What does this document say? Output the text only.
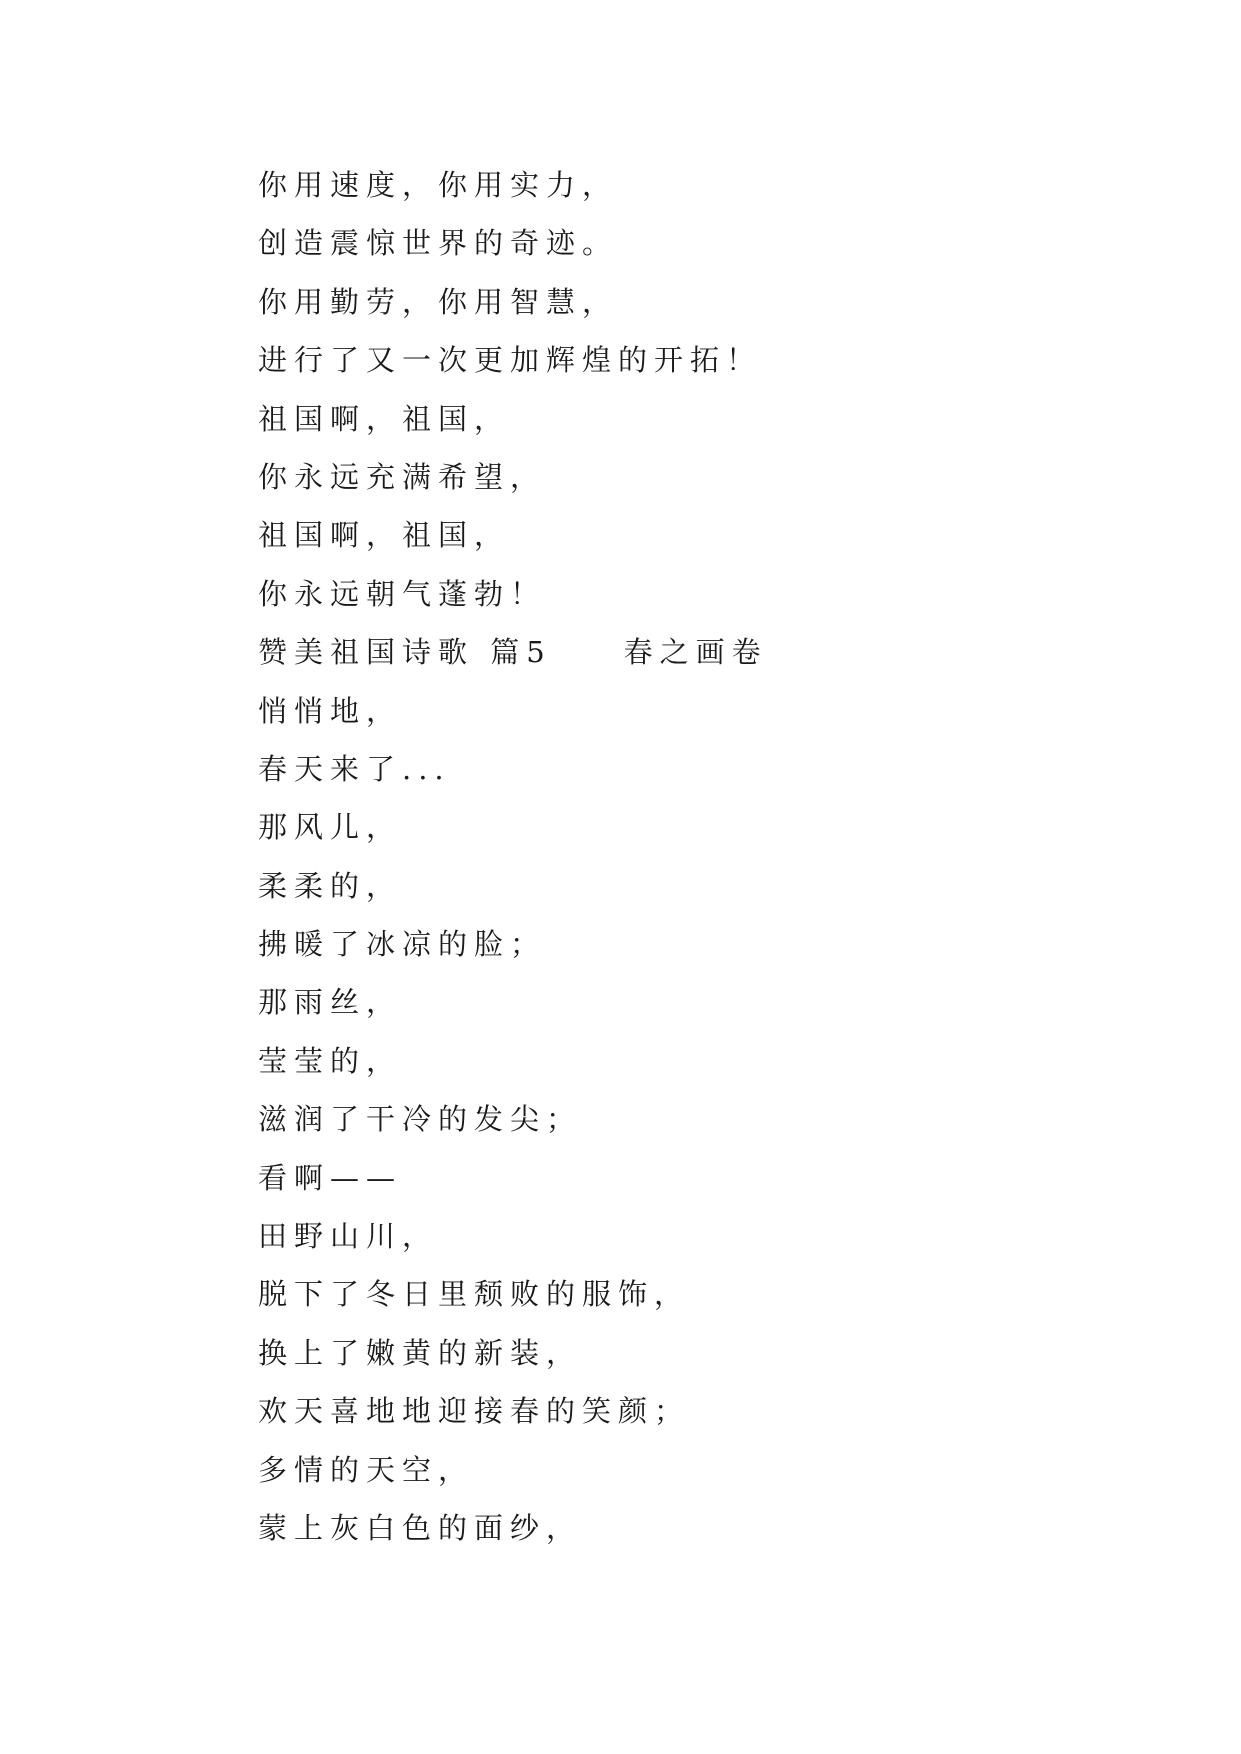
你用速度，你用实力，
创造震惊世界的奇迹。
你用勤劳，你用智慧，
进行了又一次更加辉煌的开拓！
祖国啊，祖国，
你永远充满希望，
祖国啊，祖国，
你永远朝气蓬勃！
赞美祖国诗歌 篇5　　春之画卷
悄悄地，
春天来了...
那风儿，
柔柔的，
拂暖了冰凉的脸；
那雨丝，
莹莹的，
滋润了干冷的发尖；
看啊——
田野山川，
脱下了冬日里颓败的服饰，
换上了嫩黄的新装，
欢天喜地地迎接春的笑颜；
多情的天空，
蒙上灰白色的面纱，
